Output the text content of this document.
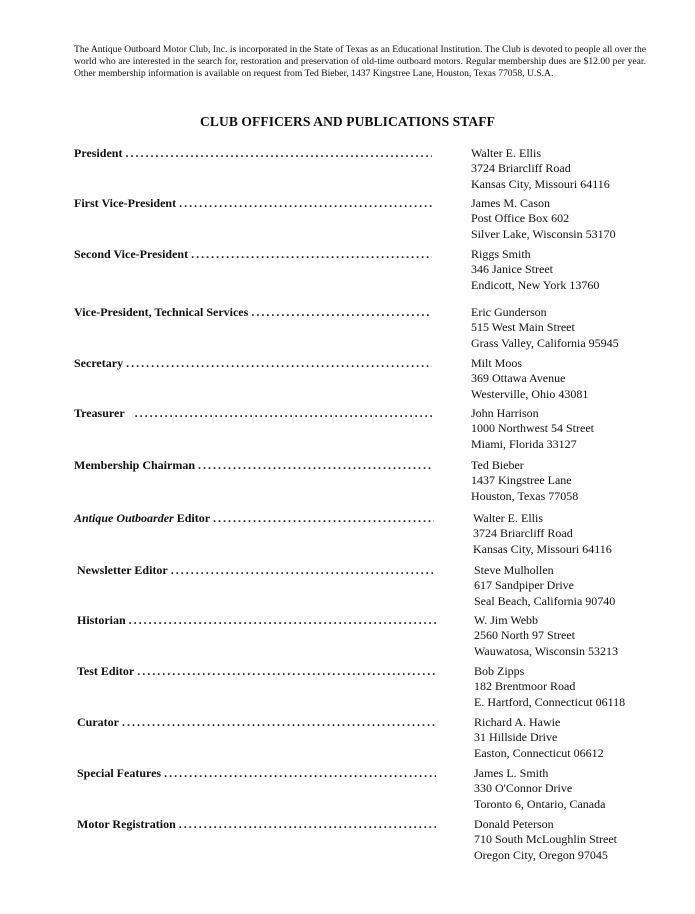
The Antique Outboard Motor Club, Inc. is incorporated in the State of Texas as an Educational Institution. The Club is devoted to people all over the world who are interested in the search for, restoration and preservation of old-time outboard motors. Regular membership dues are $12.00 per year. Other membership information is available on request from Ted Bieber, 1437 Kingstree Lane, Houston, Texas 77058, U.S.A.
CLUB OFFICERS AND PUBLICATIONS STAFF
President . . .	Walter E. Ellis
3724 Briarcliff Road
Kansas City, Missouri 64116
First Vice-President . . .	James M. Cason
Post Office Box 602
Silver Lake, Wisconsin 53170
Second Vice-President . . .	Riggs Smith
346 Janice Street
Endicott, New York 13760
Vice-President, Technical Services . . .	Eric Gunderson
515 West Main Street
Grass Valley, California 95945
Secretary . . .	Milt Moos
369 Ottawa Avenue
Westerville, Ohio 43081
Treasurer . . .	John Harrison
1000 Northwest 54 Street
Miami, Florida 33127
Membership Chairman . . .	Ted Bieber
1437 Kingstree Lane
Houston, Texas 77058
Antique Outboarder Editor . . .	Walter E. Ellis
3724 Briarcliff Road
Kansas City, Missouri 64116
Newsletter Editor . . .	Steve Mulhollen
617 Sandpiper Drive
Seal Beach, California 90740
Historian . . .	W. Jim Webb
2560 North 97 Street
Wauwatosa, Wisconsin 53213
Test Editor . . .	Bob Zipps
182 Brentmoor Road
E. Hartford, Connecticut 06118
Curator . . .	Richard A. Hawie
31 Hillside Drive
Easton, Connecticut 06612
Special Features . . .	James L. Smith
330 O'Connor Drive
Toronto 6, Ontario, Canada
Motor Registration . . .	Donald Peterson
710 South McLoughlin Street
Oregon City, Oregon 97045
